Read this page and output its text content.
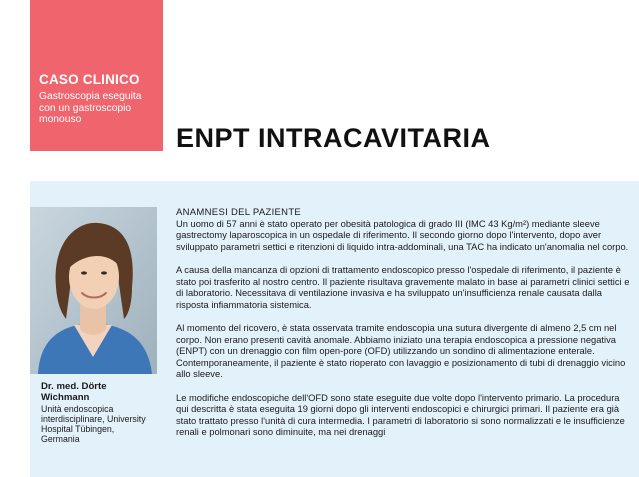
CASO CLINICO
Gastroscopia eseguita con un gastroscopio monouso
ENPT INTRACAVITARIA
Dr. med. Dörte Wichmann
Unità endoscopica interdisciplinare, University Hospital Tübingen, Germania
ANAMNESI DEL PAZIENTE

Un uomo di 57 anni è stato operato per obesità patologica di grado III (IMC 43 Kg/m²) mediante sleeve gastrectomy laparoscopica in un ospedale di riferimento. Il secondo giorno dopo l'intervento, dopo aver sviluppato parametri settici e ritenzioni di liquido intra-addominali, una TAC ha indicato un'anomalia nel corpo.

A causa della mancanza di opzioni di trattamento endoscopico presso l'ospedale di riferimento, il paziente è stato poi trasferito al nostro centro. Il paziente risultava gravemente malato in base ai parametri clinici settici e di laboratorio. Necessitava di ventilazione invasiva e ha sviluppato un'insufficienza renale causata dalla risposta infiammatoria sistemica.

Al momento del ricovero, è stata osservata tramite endoscopia una sutura divergente di almeno 2,5 cm nel corpo. Non erano presenti cavità anomale. Abbiamo iniziato una terapia endoscopica a pressione negativa (ENPT) con un drenaggio con film open-pore (OFD) utilizzando un sondino di alimentazione enterale. Contemporaneamente, il paziente è stato rioperato con lavaggio e posizionamento di tubi di drenaggio vicino allo sleeve.

Le modifiche endoscopiche dell'OFD sono state eseguite due volte dopo l'intervento primario. La procedura qui descritta è stata eseguita 19 giorni dopo gli interventi endoscopici e chirurgici primari. Il paziente era già stato trattato presso l'unità di cura intermedia. I parametri di laboratorio si sono normalizzati e le insufficienze renali e polmonari sono diminuite, ma nei drenaggi
